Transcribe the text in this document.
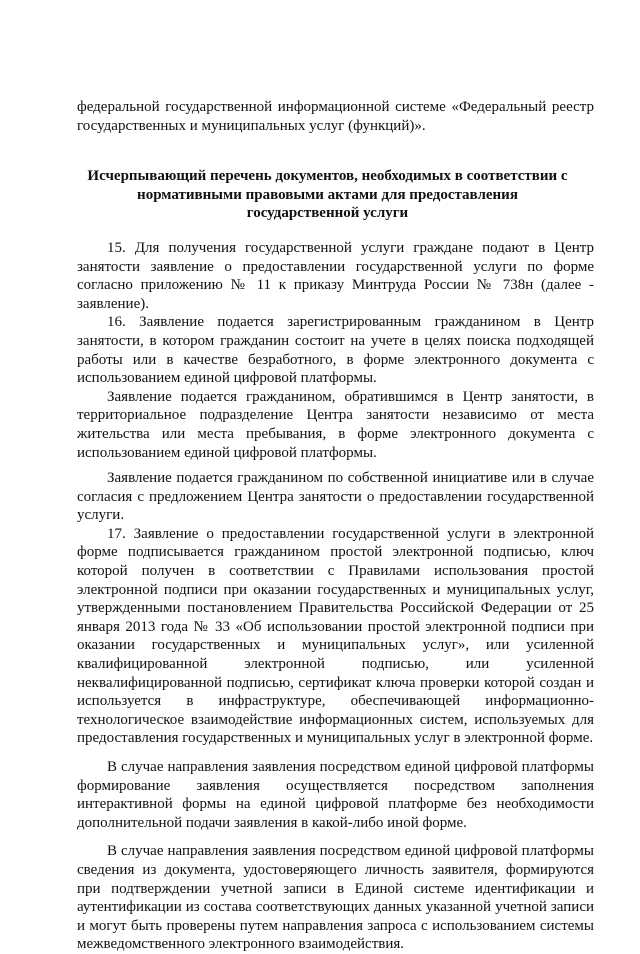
федеральной государственной информационной системе «Федеральный реестр государственных и муниципальных услуг (функций)».

Исчерпывающий перечень документов, необходимых в соответствии с нормативными правовыми актами для предоставления государственной услуги

15. Для получения государственной услуги граждане подают в Центр занятости заявление о предоставлении государственной услуги по форме согласно приложению № 11 к приказу Минтруда России № 738н (далее - заявление).

16. Заявление подается зарегистрированным гражданином в Центр занятости, в котором гражданин состоит на учете в целях поиска подходящей работы или в качестве безработного, в форме электронного документа с использованием единой цифровой платформы.

Заявление подается гражданином, обратившимся в Центр занятости, в территориальное подразделение Центра занятости независимо от места жительства или места пребывания, в форме электронного документа с использованием единой цифровой платформы.

Заявление подается гражданином по собственной инициативе или в случае согласия с предложением Центра занятости о предоставлении государственной услуги.

17. Заявление о предоставлении государственной услуги в электронной форме подписывается гражданином простой электронной подписью, ключ которой получен в соответствии с Правилами использования простой электронной подписи при оказании государственных и муниципальных услуг, утвержденными постановлением Правительства Российской Федерации от 25 января 2013 года № 33 «Об использовании простой электронной подписи при оказании государственных и муниципальных услуг», или усиленной квалифицированной электронной подписью, или усиленной неквалифицированной подписью, сертификат ключа проверки которой создан и используется в инфраструктуре, обеспечивающей информационно-технологическое взаимодействие информационных систем, используемых для предоставления государственных и муниципальных услуг в электронной форме.

В случае направления заявления посредством единой цифровой платформы формирование заявления осуществляется посредством заполнения интерактивной формы на единой цифровой платформе без необходимости дополнительной подачи заявления в какой-либо иной форме.

В случае направления заявления посредством единой цифровой платформы сведения из документа, удостоверяющего личность заявителя, формируются при подтверждении учетной записи в Единой системе идентификации и аутентификации из состава соответствующих данных указанной учетной записи и могут быть проверены путем направления запроса с использованием системы межведомственного электронного взаимодействия.
